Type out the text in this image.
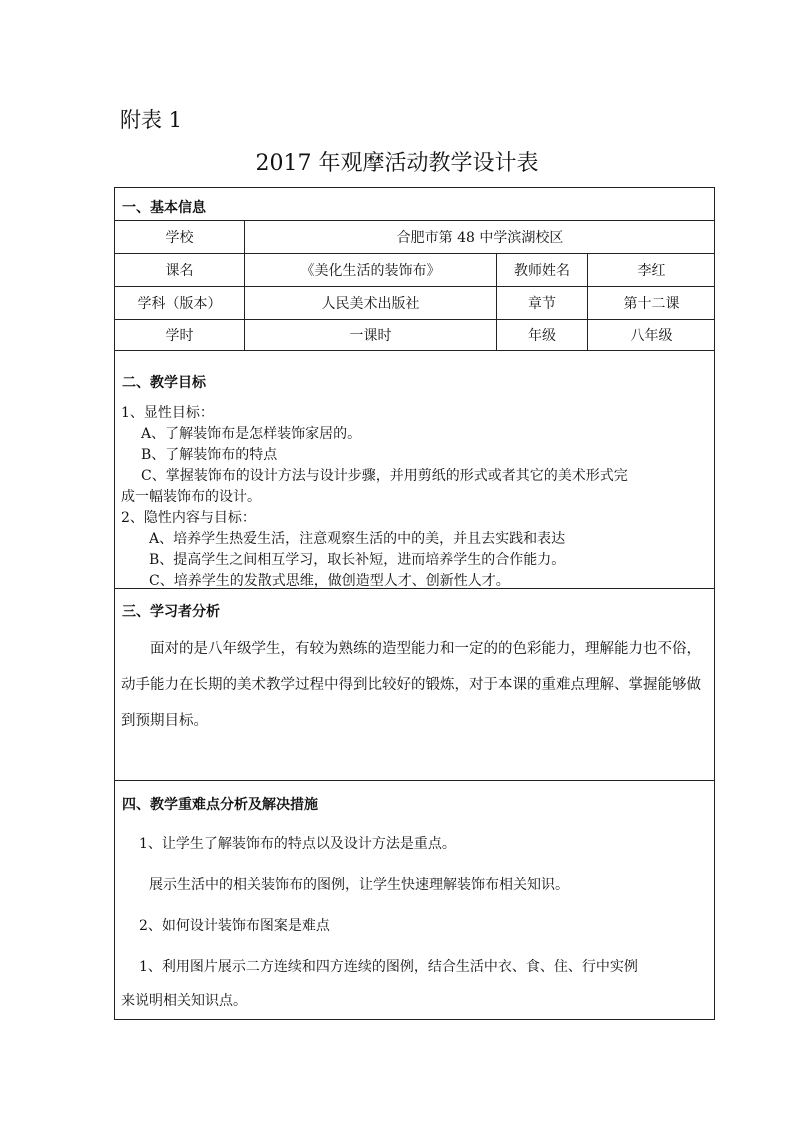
附表 1
2017 年观摩活动教学设计表
一、基本信息
学校	合肥市第 48 中学滨湖校区
课名	《美化生活的装饰布》	教师姓名	李红
学科（版本）	人民美术出版社	章节	第十二课
学时	一课时	年级	八年级
二、教学目标
1、显性目标：
A、了解装饰布是怎样装饰家居的。
B、了解装饰布的特点
C、掌握装饰布的设计方法与设计步骤，并用剪纸的形式或者其它的美术形式完
成一幅装饰布的设计。
2、隐性内容与目标：
A、培养学生热爱生活，注意观察生活的中的美，并且去实践和表达
B、提高学生之间相互学习，取长补短，进而培养学生的合作能力。
C、培养学生的发散式思维，做创造型人才、创新性人才。
三、学习者分析
面对的是八年级学生，有较为熟练的造型能力和一定的的色彩能力，理解能力也不俗，动手能力在长期的美术教学过程中得到比较好的锻炼，对于本课的重难点理解、掌握能够做到预期目标。
四、教学重难点分析及解决措施
1、让学生了解装饰布的特点以及设计方法是重点。
展示生活中的相关装饰布的图例，让学生快速理解装饰布相关知识。
2、如何设计装饰布图案是难点
1、利用图片展示二方连续和四方连续的图例，结合生活中衣、食、住、行中实例
来说明相关知识点。
